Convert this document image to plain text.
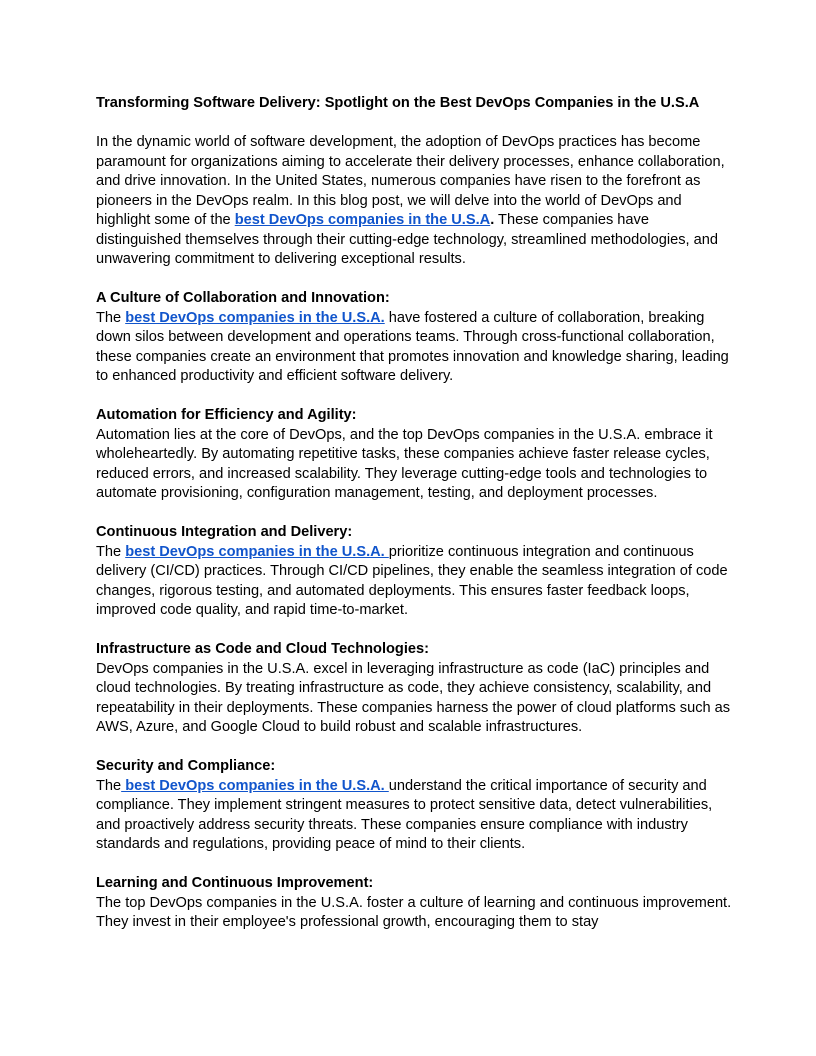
Transforming Software Delivery: Spotlight on the Best DevOps Companies in the U.S.A

In the dynamic world of software development, the adoption of DevOps practices has become paramount for organizations aiming to accelerate their delivery processes, enhance collaboration, and drive innovation. In the United States, numerous companies have risen to the forefront as pioneers in the DevOps realm. In this blog post, we will delve into the world of DevOps and highlight some of the best DevOps companies in the U.S.A. These companies have distinguished themselves through their cutting-edge technology, streamlined methodologies, and unwavering commitment to delivering exceptional results.

A Culture of Collaboration and Innovation:
The best DevOps companies in the U.S.A. have fostered a culture of collaboration, breaking down silos between development and operations teams. Through cross-functional collaboration, these companies create an environment that promotes innovation and knowledge sharing, leading to enhanced productivity and efficient software delivery.

Automation for Efficiency and Agility:
Automation lies at the core of DevOps, and the top DevOps companies in the U.S.A. embrace it wholeheartedly. By automating repetitive tasks, these companies achieve faster release cycles, reduced errors, and increased scalability. They leverage cutting-edge tools and technologies to automate provisioning, configuration management, testing, and deployment processes.

Continuous Integration and Delivery:
The best DevOps companies in the U.S.A. prioritize continuous integration and continuous delivery (CI/CD) practices. Through CI/CD pipelines, they enable the seamless integration of code changes, rigorous testing, and automated deployments. This ensures faster feedback loops, improved code quality, and rapid time-to-market.

Infrastructure as Code and Cloud Technologies:
DevOps companies in the U.S.A. excel in leveraging infrastructure as code (IaC) principles and cloud technologies. By treating infrastructure as code, they achieve consistency, scalability, and repeatability in their deployments. These companies harness the power of cloud platforms such as AWS, Azure, and Google Cloud to build robust and scalable infrastructures.

Security and Compliance:
The best DevOps companies in the U.S.A. understand the critical importance of security and compliance. They implement stringent measures to protect sensitive data, detect vulnerabilities, and proactively address security threats. These companies ensure compliance with industry standards and regulations, providing peace of mind to their clients.

Learning and Continuous Improvement:
The top DevOps companies in the U.S.A. foster a culture of learning and continuous improvement. They invest in their employee's professional growth, encouraging them to stay
